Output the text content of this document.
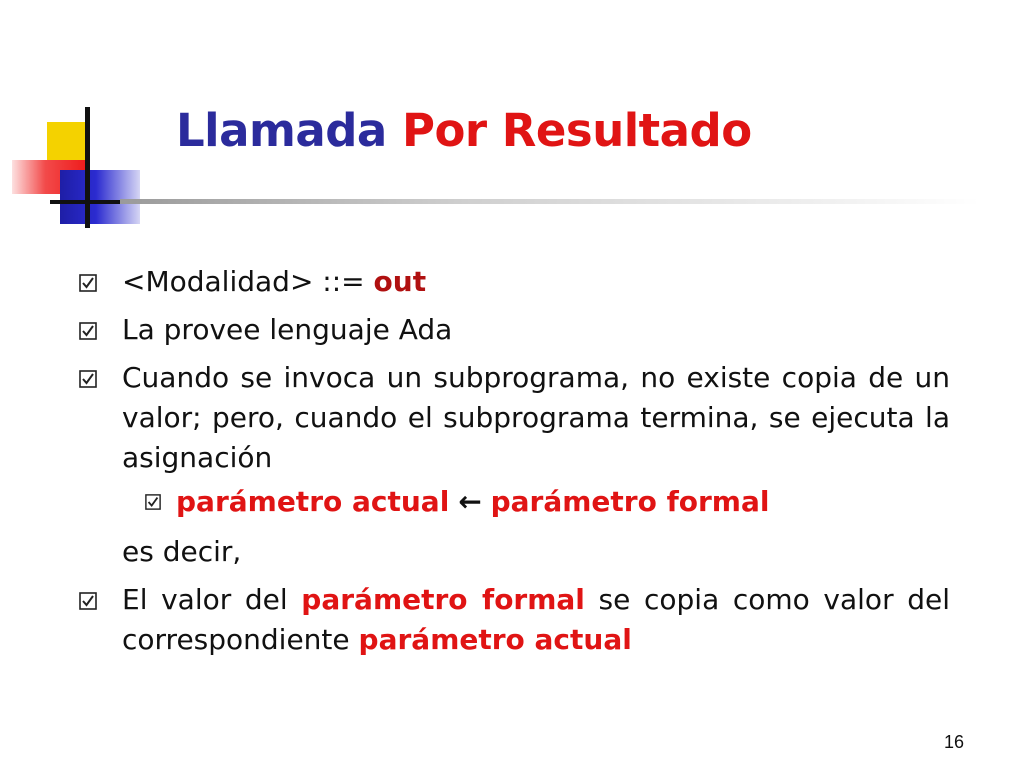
Llamada Por Resultado
<Modalidad> ::= out
La provee lenguaje Ada
Cuando se invoca un subprograma, no existe copia de un valor; pero, cuando el subprograma termina, se ejecuta la asignación
parámetro actual ← parámetro formal
es decir,
El valor del parámetro formal se copia como valor del correspondiente parámetro actual
16
